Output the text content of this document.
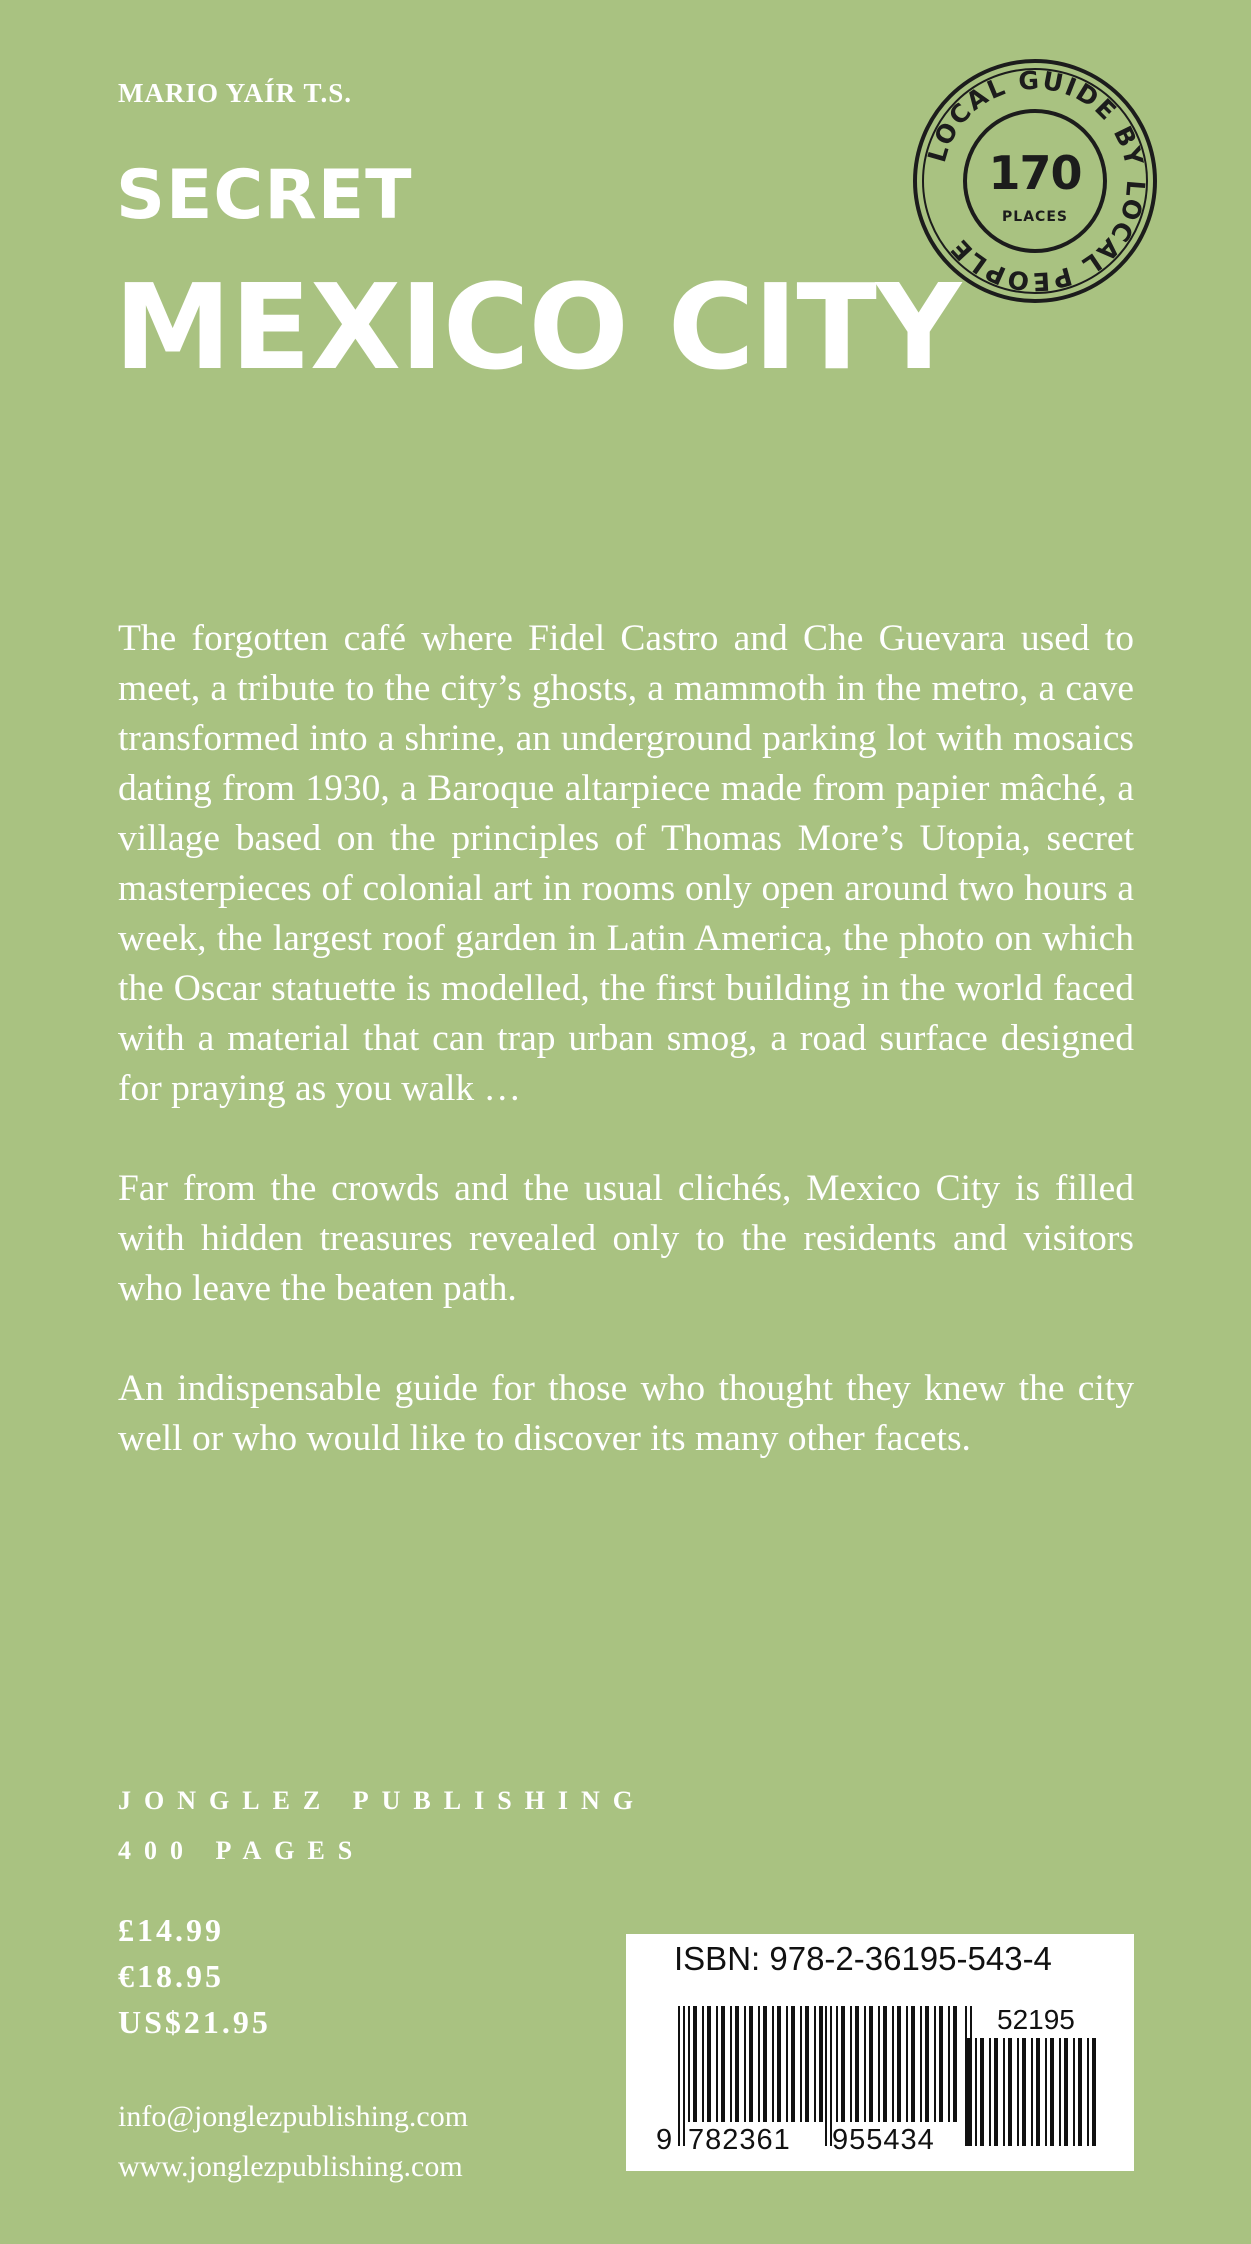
MARIO YAÍR T.S.
SECRET
MEXICO CITY
LOCAL GUIDE BY LOCAL PEOPLE
170
PLACES

The forgotten café where Fidel Castro and Che Guevara used to meet, a tribute to the city’s ghosts, a mammoth in the metro, a cave transformed into a shrine, an underground parking lot with mosaics dating from 1930, a Baroque altarpiece made from papier mâché, a village based on the principles of Thomas More’s Utopia, secret masterpieces of colonial art in rooms only open around two hours a week, the largest roof garden in Latin America, the photo on which the Oscar statuette is modelled, the first building in the world faced with a material that can trap urban smog, a road surface designed for praying as you walk …

Far from the crowds and the usual clichés, Mexico City is filled with hidden treasures revealed only to the residents and visitors who leave the beaten path.

An indispensable guide for those who thought they knew the city well or who would like to discover its many other facets.

JONGLEZ PUBLISHING
400 PAGES
£14.99
€18.95
US$21.95
info@jonglezpublishing.com
www.jonglezpublishing.com
ISBN: 978-2-36195-543-4
52195
9 782361 955434
